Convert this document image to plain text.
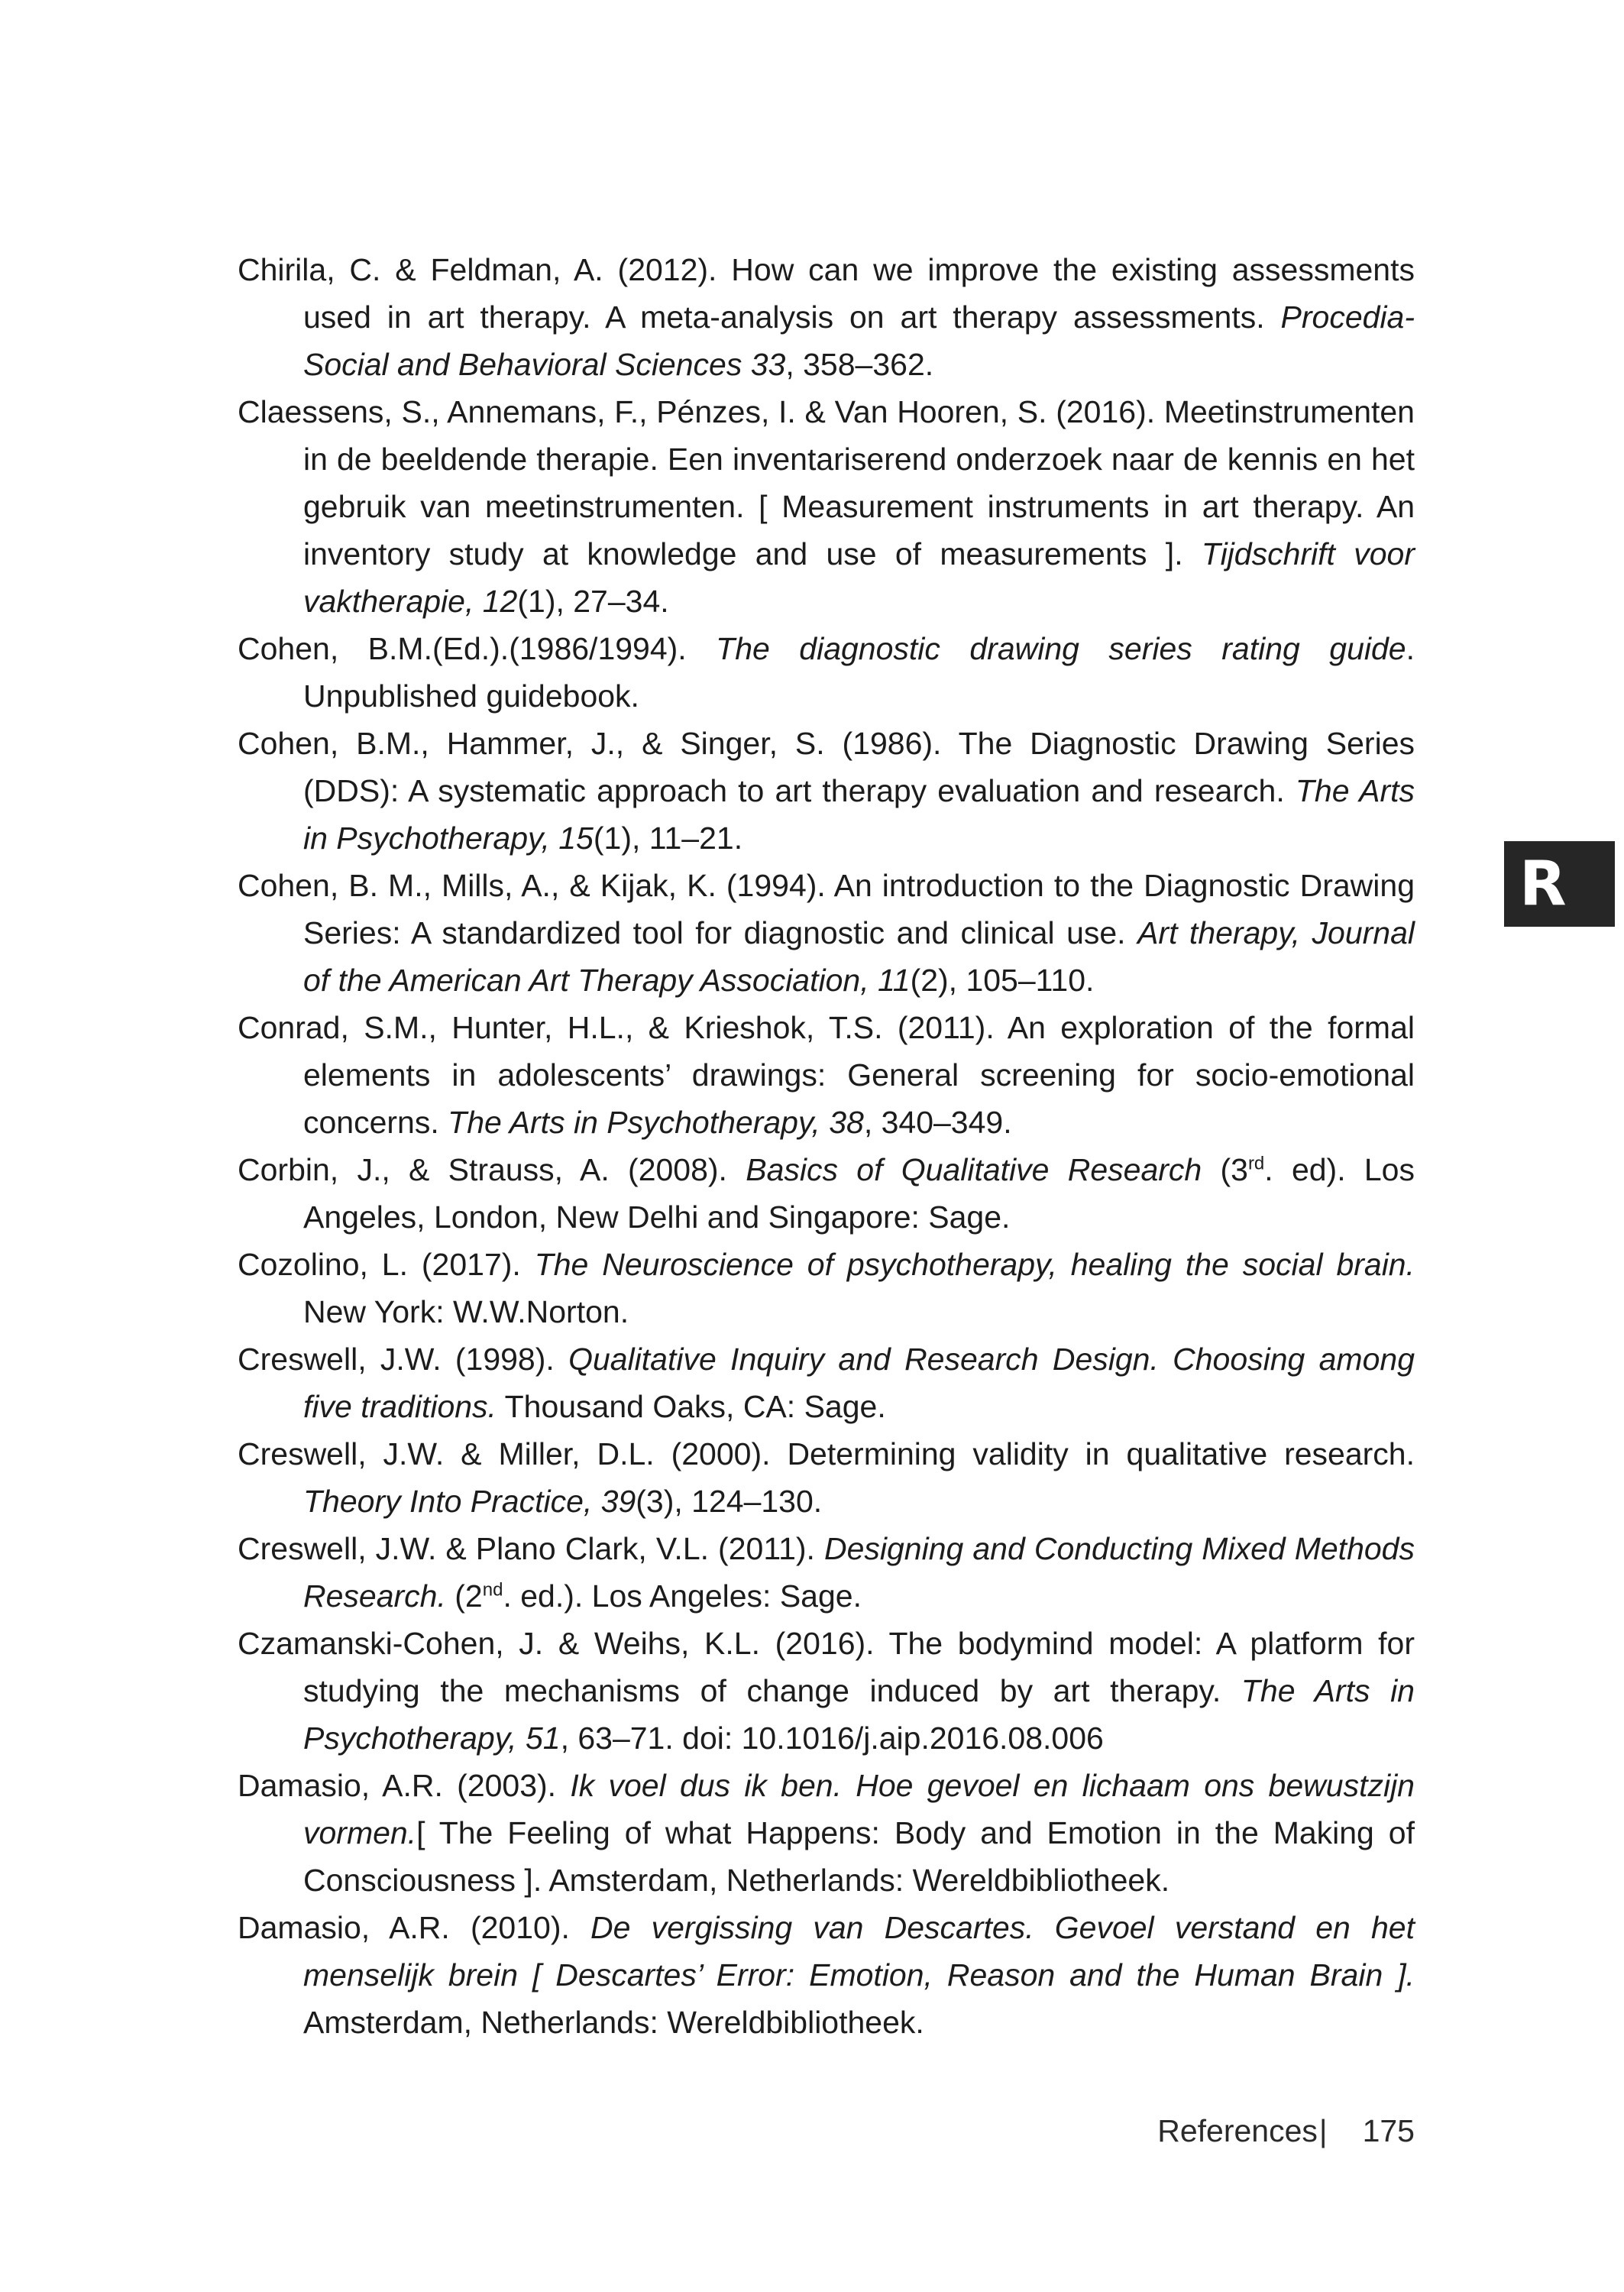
Chirila, C. & Feldman, A. (2012). How can we improve the existing assessments used in art therapy. A meta-analysis on art therapy assessments. Procedia-Social and Behavioral Sciences 33, 358–362.

Claessens, S., Annemans, F., Pénzes, I. & Van Hooren, S. (2016). Meetinstrumenten in de beeldende therapie. Een inventariserend onderzoek naar de kennis en het gebruik van meetinstrumenten. [ Measurement instruments in art therapy. An inventory study at knowledge and use of measurements ]. Tijdschrift voor vaktherapie, 12(1), 27–34.

Cohen, B.M.(Ed.).(1986/1994). The diagnostic drawing series rating guide. Unpublished guidebook.

Cohen, B.M., Hammer, J., & Singer, S. (1986). The Diagnostic Drawing Series (DDS): A systematic approach to art therapy evaluation and research. The Arts in Psychotherapy, 15(1), 11–21.

Cohen, B. M., Mills, A., & Kijak, K. (1994). An introduction to the Diagnostic Drawing Series: A standardized tool for diagnostic and clinical use. Art therapy, Journal of the American Art Therapy Association, 11(2), 105–110.

Conrad, S.M., Hunter, H.L., & Krieshok, T.S. (2011). An exploration of the formal elements in adolescents’ drawings: General screening for socio-emotional concerns. The Arts in Psychotherapy, 38, 340–349.

Corbin, J., & Strauss, A. (2008). Basics of Qualitative Research (3rd. ed). Los Angeles, London, New Delhi and Singapore: Sage.

Cozolino, L. (2017). The Neuroscience of psychotherapy, healing the social brain. New York: W.W.Norton.

Creswell, J.W. (1998). Qualitative Inquiry and Research Design. Choosing among five traditions. Thousand Oaks, CA: Sage.

Creswell, J.W. & Miller, D.L. (2000). Determining validity in qualitative research. Theory Into Practice, 39(3), 124–130.

Creswell, J.W. & Plano Clark, V.L. (2011). Designing and Conducting Mixed Methods Research. (2nd. ed.). Los Angeles: Sage.

Czamanski-Cohen, J. & Weihs, K.L. (2016). The bodymind model: A platform for studying the mechanisms of change induced by art therapy. The Arts in Psychotherapy, 51, 63–71. doi: 10.1016/j.aip.2016.08.006

Damasio, A.R. (2003). Ik voel dus ik ben. Hoe gevoel en lichaam ons bewustzijn vormen.[ The Feeling of what Happens: Body and Emotion in the Making of Consciousness ]. Amsterdam, Netherlands: Wereldbibliotheek.

Damasio, A.R. (2010). De vergissing van Descartes. Gevoel verstand en het menselijk brein [ Descartes’ Error: Emotion, Reason and the Human Brain ]. Amsterdam, Netherlands: Wereldbibliotheek.

R
References| 175
